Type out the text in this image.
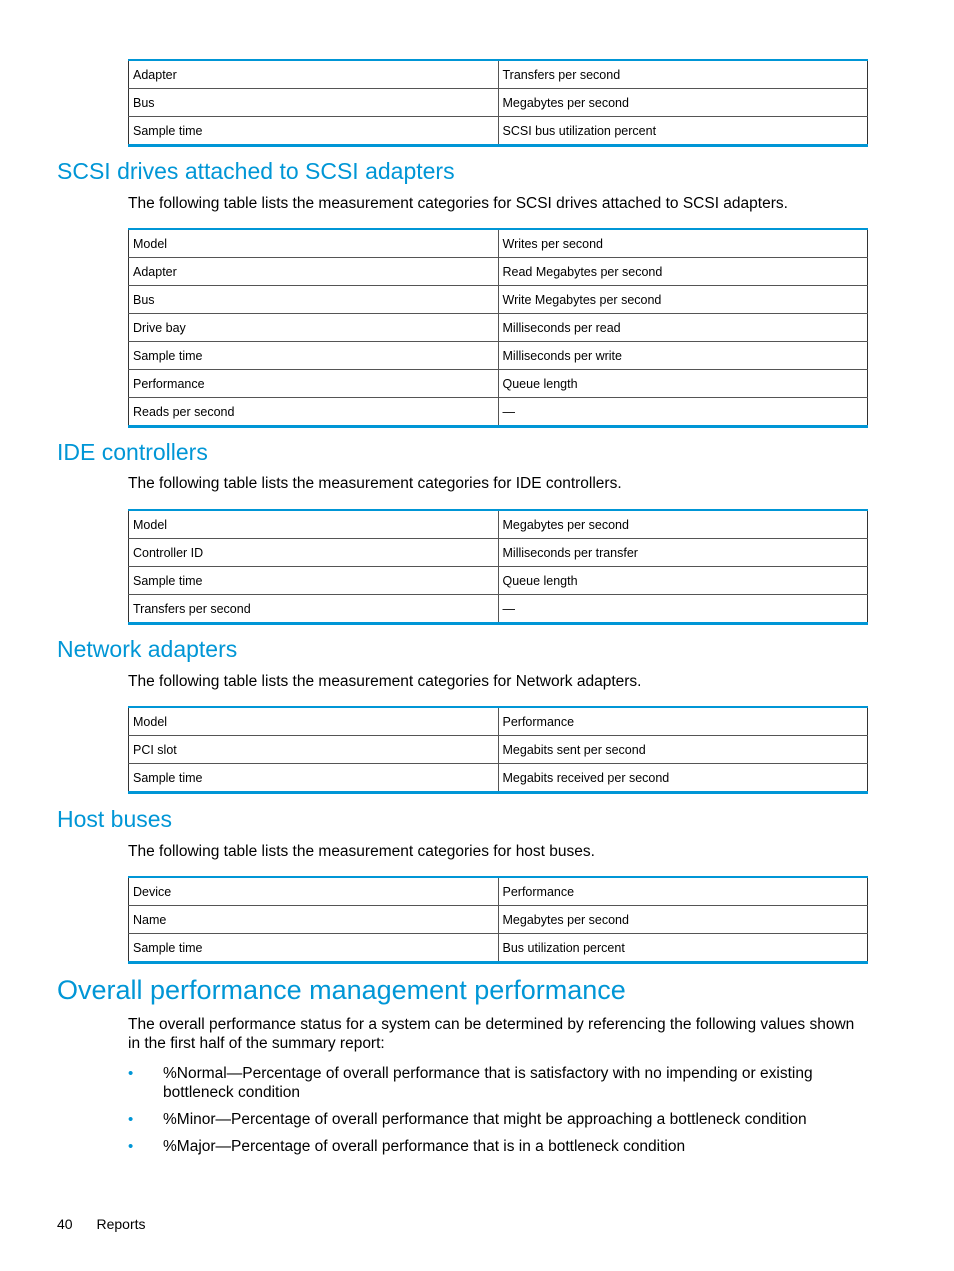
Adapter	Transfers per second
Bus	Megabytes per second
Sample time	SCSI bus utilization percent
SCSI drives attached to SCSI adapters

The following table lists the measurement categories for SCSI drives attached to SCSI adapters.

Model	Writes per second
Adapter	Read Megabytes per second
Bus	Write Megabytes per second
Drive bay	Milliseconds per read
Sample time	Milliseconds per write
Performance	Queue length
Reads per second	—
IDE controllers

The following table lists the measurement categories for IDE controllers.

Model	Megabytes per second
Controller ID	Milliseconds per transfer
Sample time	Queue length
Transfers per second	—
Network adapters

The following table lists the measurement categories for Network adapters.

Model	Performance
PCI slot	Megabits sent per second
Sample time	Megabits received per second
Host buses

The following table lists the measurement categories for host buses.

Device	Performance
Name	Megabytes per second
Sample time	Bus utilization percent
Overall performance management performance

The overall performance status for a system can be determined by referencing the following values shown in the first half of the summary report:

• %Normal—Percentage of overall performance that is satisfactory with no impending or existing bottleneck condition
• %Minor—Percentage of overall performance that might be approaching a bottleneck condition
• %Major—Percentage of overall performance that is in a bottleneck condition
40 Reports
